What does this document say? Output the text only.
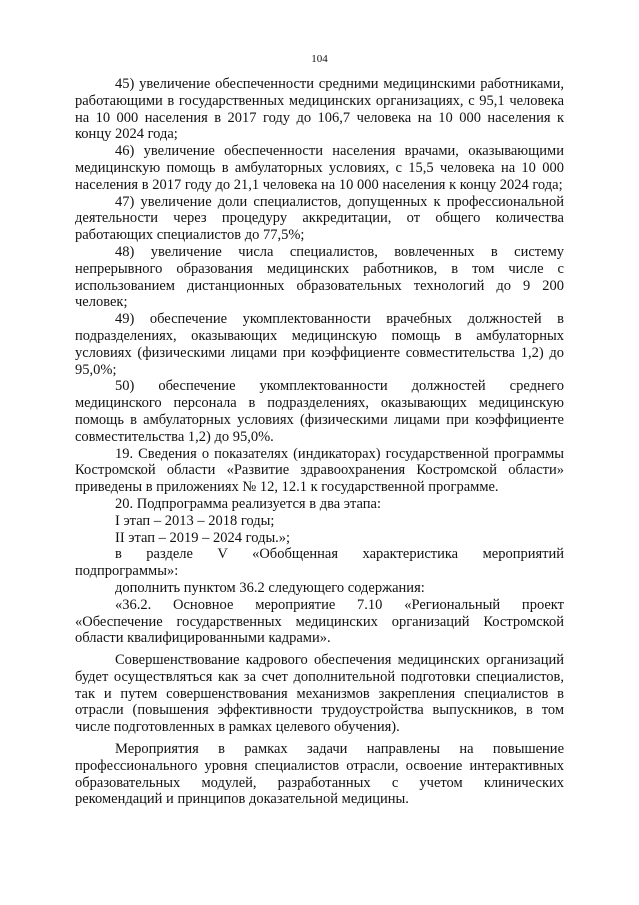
104

45) увеличение обеспеченности средними медицинскими работниками, работающими в государственных медицинских организациях, с 95,1 человека на 10 000 населения в 2017 году до 106,7 человека на 10 000 населения к концу 2024 года;

46) увеличение обеспеченности населения врачами, оказывающими медицинскую помощь в амбулаторных условиях, с 15,5 человека на 10 000 населения в 2017 году до 21,1 человека на 10 000 населения к концу 2024 года;

47) увеличение доли специалистов, допущенных к профессиональной деятельности через процедуру аккредитации, от общего количества работающих специалистов до 77,5%;

48) увеличение числа специалистов, вовлеченных в систему непрерывного образования медицинских работников, в том числе с использованием дистанционных образовательных технологий до 9 200 человек;

49) обеспечение укомплектованности врачебных должностей в подразделениях, оказывающих медицинскую помощь в амбулаторных условиях (физическими лицами при коэффициенте совместительства 1,2) до 95,0%;

50) обеспечение укомплектованности должностей среднего медицинского персонала в подразделениях, оказывающих медицинскую помощь в амбулаторных условиях (физическими лицами при коэффициенте совместительства 1,2) до 95,0%.

19. Сведения о показателях (индикаторах) государственной программы Костромской области «Развитие здравоохранения Костромской области» приведены в приложениях № 12, 12.1 к государственной программе.

20. Подпрограмма реализуется в два этапа:

I этап – 2013 – 2018 годы;

II этап – 2019 – 2024 годы.»;

в разделе V «Обобщенная характеристика мероприятий подпрограммы»:

дополнить пунктом 36.2 следующего содержания:

«36.2. Основное мероприятие 7.10 «Региональный проект «Обеспечение государственных медицинских организаций Костромской области квалифицированными кадрами».

Совершенствование кадрового обеспечения медицинских организаций будет осуществляться как за счет дополнительной подготовки специалистов, так и путем совершенствования механизмов закрепления специалистов в отрасли (повышения эффективности трудоустройства выпускников, в том числе подготовленных в рамках целевого обучения).

Мероприятия в рамках задачи направлены на повышение профессионального уровня специалистов отрасли, освоение интерактивных образовательных модулей, разработанных с учетом клинических рекомендаций и принципов доказательной медицины.
